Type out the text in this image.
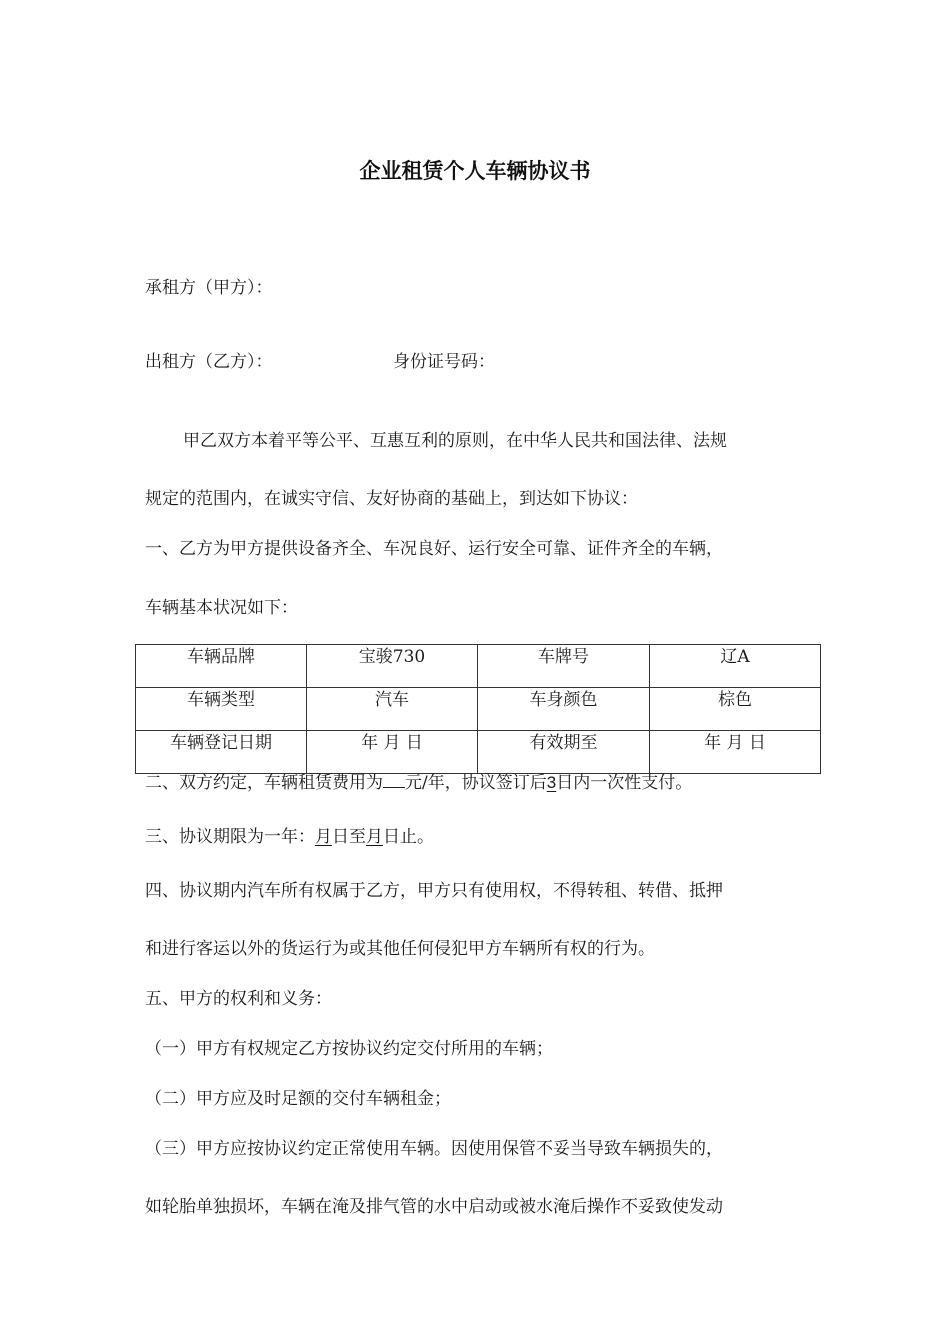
企业租赁个人车辆协议书
承租方（甲方）：
出租方（乙方）：	身份证号码：
甲乙双方本着平等公平、互惠互利的原则，在中华人民共和国法律、法规
规定的范围内，在诚实守信、友好协商的基础上，到达如下协议：
一、乙方为甲方提供设备齐全、车况良好、运行安全可靠、证件齐全的车辆，
车辆基本状况如下：
车辆品牌	宝骏730	车牌号	辽A
车辆类型	汽车	车身颜色	棕色
车辆登记日期	年 月 日	有效期至	年 月 日
二、双方约定，车辆租赁费用为 元/年，协议签订后3日内一次性支付。
三、协议期限为一年：月日至月日止。
四、协议期内汽车所有权属于乙方，甲方只有使用权，不得转租、转借、抵押
和进行客运以外的货运行为或其他任何侵犯甲方车辆所有权的行为。
五、甲方的权利和义务：
（一）甲方有权规定乙方按协议约定交付所用的车辆；
（二）甲方应及时足额的交付车辆租金；
（三）甲方应按协议约定正常使用车辆。因使用保管不妥当导致车辆损失的，
如轮胎单独损坏，车辆在淹及排气管的水中启动或被水淹后操作不妥致使发动
